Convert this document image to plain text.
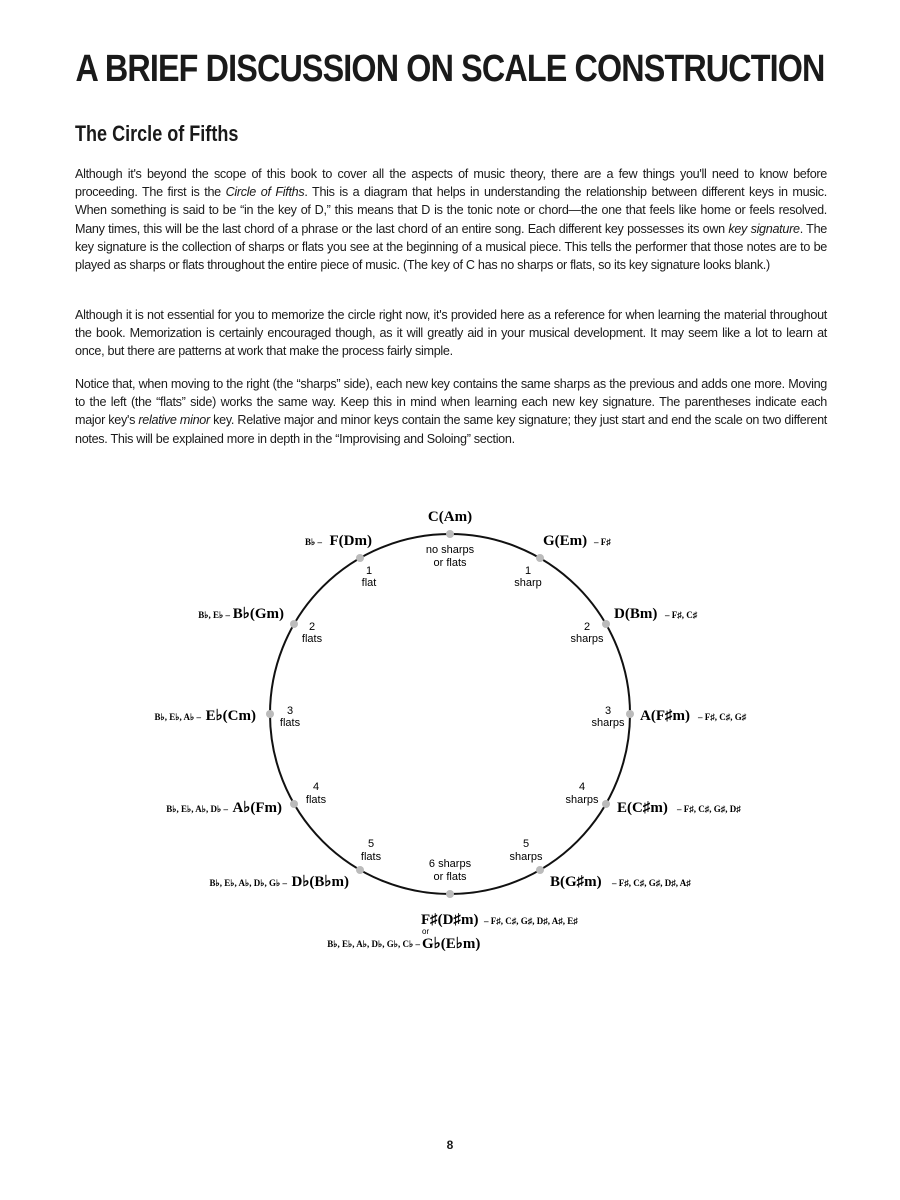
A BRIEF DISCUSSION ON SCALE CONSTRUCTION
The Circle of Fifths

Although it's beyond the scope of this book to cover all the aspects of music theory, there are a few things you'll need to know before proceeding. The first is the Circle of Fifths. This is a diagram that helps in understanding the relationship between different keys in music. When something is said to be “in the key of D,” this means that D is the tonic note or chord—the one that feels like home or feels resolved. Many times, this will be the last chord of a phrase or the last chord of an entire song. Each different key possesses its own key signature. The key signature is the collection of sharps or flats you see at the beginning of a musical piece. This tells the performer that those notes are to be played as sharps or flats throughout the entire piece of music. (The key of C has no sharps or flats, so its key signature looks blank.)

Although it is not essential for you to memorize the circle right now, it's provided here as a reference for when learning the material throughout the book. Memorization is certainly encouraged though, as it will greatly aid in your musical development. It may seem like a lot to learn at once, but there are patterns at work that make the process fairly simple.

Notice that, when moving to the right (the “sharps” side), each new key contains the same sharps as the previous and adds one more. Moving to the left (the “flats” side) works the same way. Keep this in mind when learning each new key signature. The parentheses indicate each major key's relative minor key. Relative major and minor keys contain the same key signature; they just start and end the scale on two different notes. This will be explained more in depth in the “Improvising and Soloing” section.

C(Am)
G(Em) – F♯
D(Bm) – F♯, C♯
A(F♯m) – F♯, C♯, G♯
E(C♯m) – F♯, C♯, G♯, D♯
B(G♯m) – F♯, C♯, G♯, D♯, A♯
F♯(D♯m) – F♯, C♯, G♯, D♯, A♯, E♯
or
G♭(E♭m)
B♭, E♭, A♭, D♭, G♭, C♭ –
D♭(B♭m)
B♭, E♭, A♭, D♭, G♭ –
A♭(Fm)
B♭, E♭, A♭, D♭ –
E♭(Cm)
B♭, E♭, A♭ –
B♭(Gm)
B♭, E♭ –
F(Dm)
B♭ –
no sharps
or flats
1
sharp
2
sharps
3
sharps
4
sharps
5
sharps
6 sharps
or flats
5
flats
4
flats
3
flats
2
flats
1
flat
8
